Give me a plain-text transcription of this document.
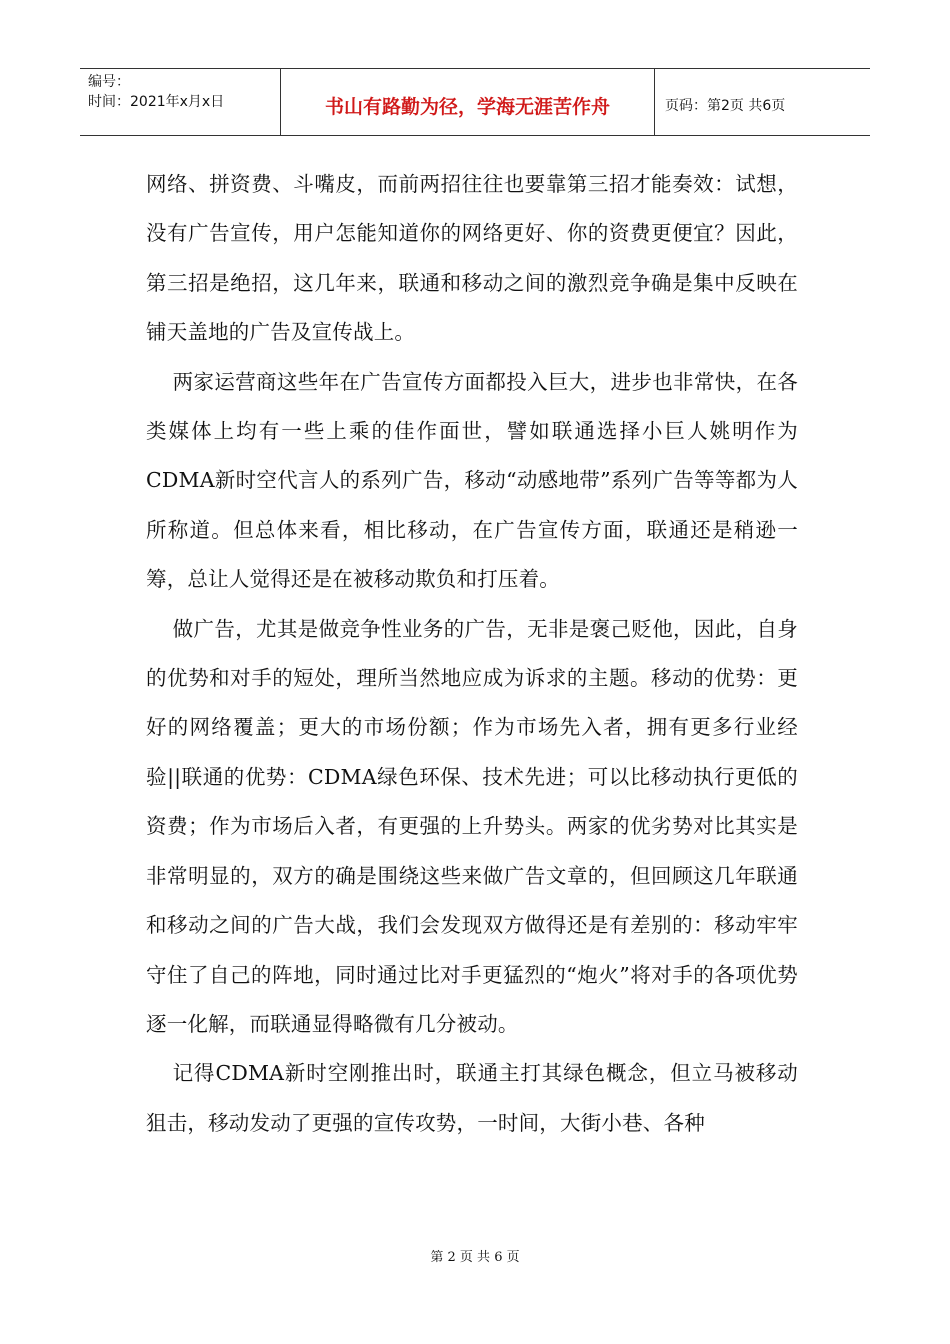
编号：
时间：2021年x月x日	书山有路勤为径，学海无涯苦作舟	页码：第2页 共6页

网络、拼资费、斗嘴皮，而前两招往往也要靠第三招才能奏效：试想，没有广告宣传，用户怎能知道你的网络更好、你的资费更便宜？因此，第三招是绝招，这几年来，联通和移动之间的激烈竞争确是集中反映在铺天盖地的广告及宣传战上。

两家运营商这些年在广告宣传方面都投入巨大，进步也非常快，在各类媒体上均有一些上乘的佳作面世，譬如联通选择小巨人姚明作为CDMA新时空代言人的系列广告，移动“动感地带”系列广告等等都为人所称道。但总体来看，相比移动，在广告宣传方面，联通还是稍逊一筹，总让人觉得还是在被移动欺负和打压着。

做广告，尤其是做竞争性业务的广告，无非是褒己贬他，因此，自身的优势和对手的短处，理所当然地应成为诉求的主题。移动的优势：更好的网络覆盖；更大的市场份额；作为市场先入者，拥有更多行业经验||联通的优势：CDMA绿色环保、技术先进；可以比移动执行更低的资费；作为市场后入者，有更强的上升势头。两家的优劣势对比其实是非常明显的，双方的确是围绕这些来做广告文章的，但回顾这几年联通和移动之间的广告大战，我们会发现双方做得还是有差别的：移动牢牢守住了自己的阵地，同时通过比对手更猛烈的“炮火”将对手的各项优势逐一化解，而联通显得略微有几分被动。

记得CDMA新时空刚推出时，联通主打其绿色概念，但立马被移动狙击，移动发动了更强的宣传攻势，一时间，大街小巷、各种

第 2 页 共 6 页
